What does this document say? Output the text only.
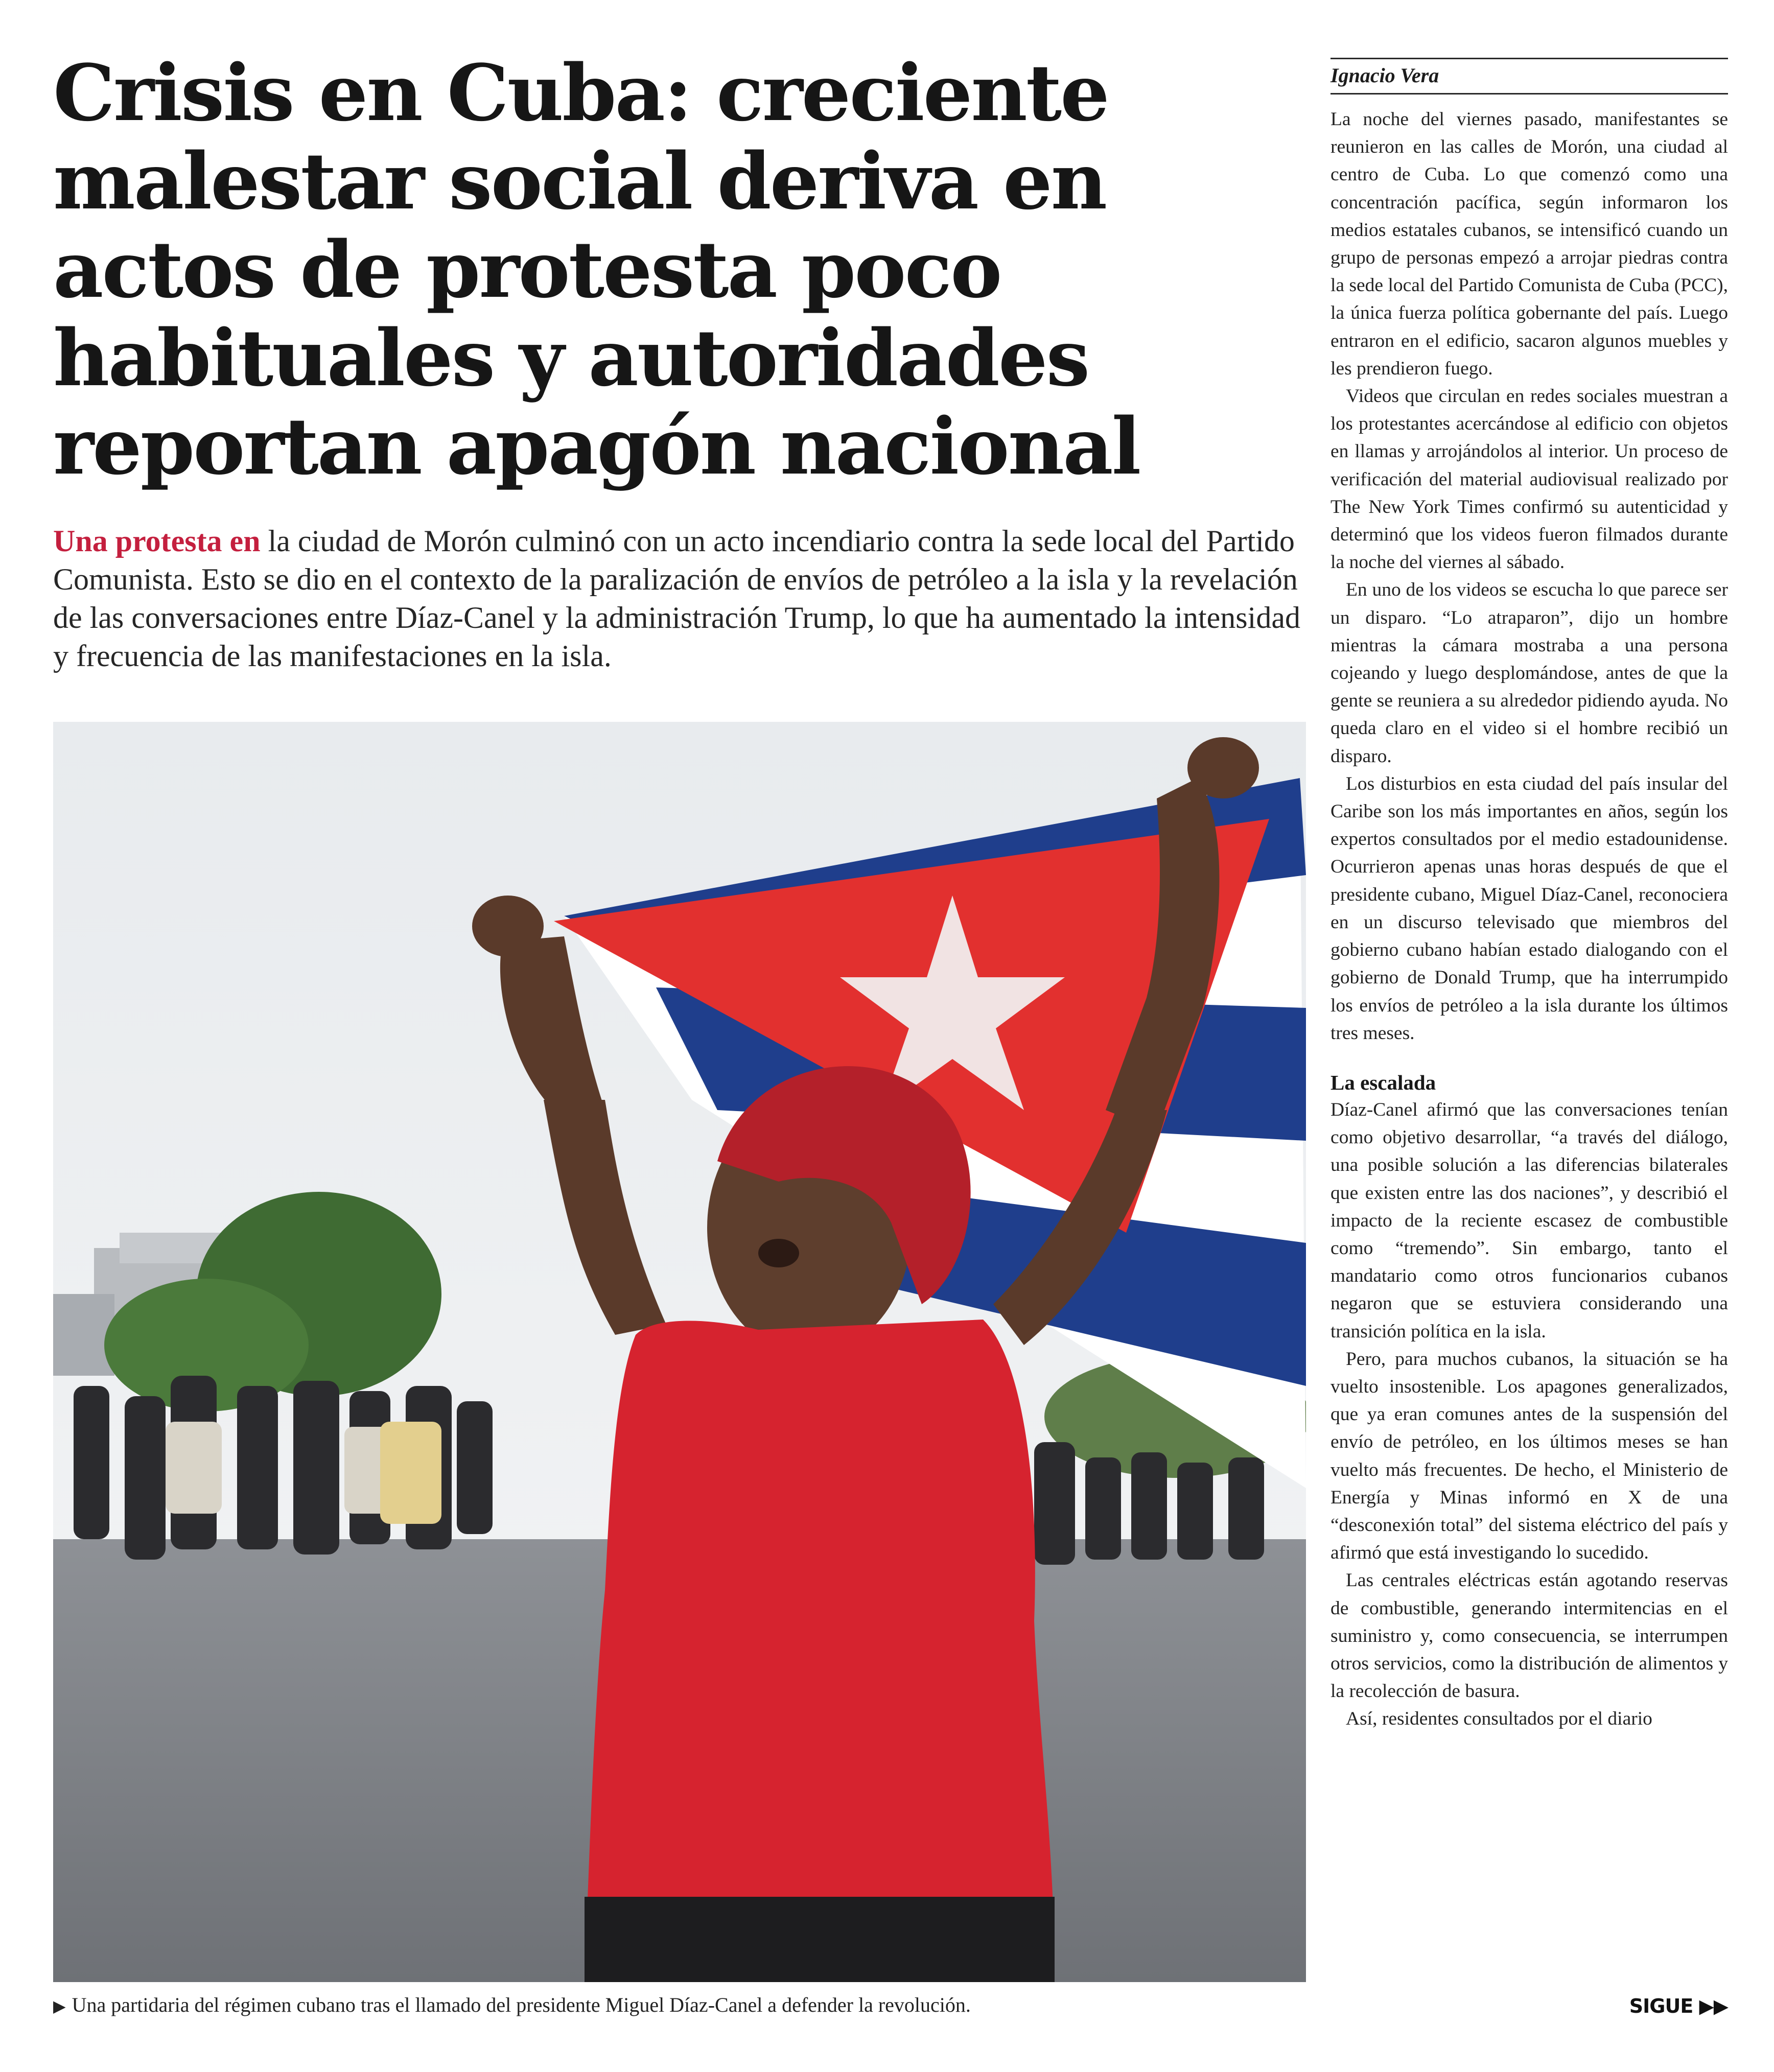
Crisis en Cuba: creciente malestar social deriva en actos de protesta poco habituales y autoridades reportan apagón nacional

Una protesta en la ciudad de Morón culminó con un acto incendiario contra la sede local del Partido Comunista. Esto se dio en el contexto de la paralización de envíos de petróleo a la isla y la revelación de las conversaciones entre Díaz-Canel y la administración Trump, lo que ha aumentado la intensidad y frecuencia de las manifestaciones en la isla.

▶ Una partidaria del régimen cubano tras el llamado del presidente Miguel Díaz-Canel a defender la revolución.
Ignacio Vera

La noche del viernes pasado, manifestantes se reunieron en las calles de Morón, una ciudad al centro de Cuba. Lo que comenzó como una concentración pacífica, según informaron los medios estatales cubanos, se intensificó cuando un grupo de personas empezó a arrojar piedras contra la sede local del Partido Comunista de Cuba (PCC), la única fuerza política gobernante del país. Luego entraron en el edificio, sacaron algunos muebles y les prendieron fuego.

Videos que circulan en redes sociales muestran a los protestantes acercándose al edificio con objetos en llamas y arrojándolos al interior. Un proceso de verificación del material audiovisual realizado por The New York Times confirmó su autenticidad y determinó que los videos fueron filmados durante la noche del viernes al sábado.

En uno de los videos se escucha lo que parece ser un disparo. “Lo atraparon”, dijo un hombre mientras la cámara mostraba a una persona cojeando y luego desplomándose, antes de que la gente se reuniera a su alrededor pidiendo ayuda. No queda claro en el video si el hombre recibió un disparo.

Los disturbios en esta ciudad del país insular del Caribe son los más importantes en años, según los expertos consultados por el medio estadounidense. Ocurrieron apenas unas horas después de que el presidente cubano, Miguel Díaz-Canel, reconociera en un discurso televisado que miembros del gobierno cubano habían estado dialogando con el gobierno de Donald Trump, que ha interrumpido los envíos de petróleo a la isla durante los últimos tres meses.

La escalada

Díaz-Canel afirmó que las conversaciones tenían como objetivo desarrollar, “a través del diálogo, una posible solución a las diferencias bilaterales que existen entre las dos naciones”, y describió el impacto de la reciente escasez de combustible como “tremendo”. Sin embargo, tanto el mandatario como otros funcionarios cubanos negaron que se estuviera considerando una transición política en la isla.

Pero, para muchos cubanos, la situación se ha vuelto insostenible. Los apagones generalizados, que ya eran comunes antes de la suspensión del envío de petróleo, en los últimos meses se han vuelto más frecuentes. De hecho, el Ministerio de Energía y Minas informó en X de una “desconexión total” del sistema eléctrico del país y afirmó que está investigando lo sucedido.

Las centrales eléctricas están agotando reservas de combustible, generando intermitencias en el suministro y, como consecuencia, se interrumpen otros servicios, como la distribución de alimentos y la recolección de basura.

Así, residentes consultados por el diario

SIGUE ▶▶
